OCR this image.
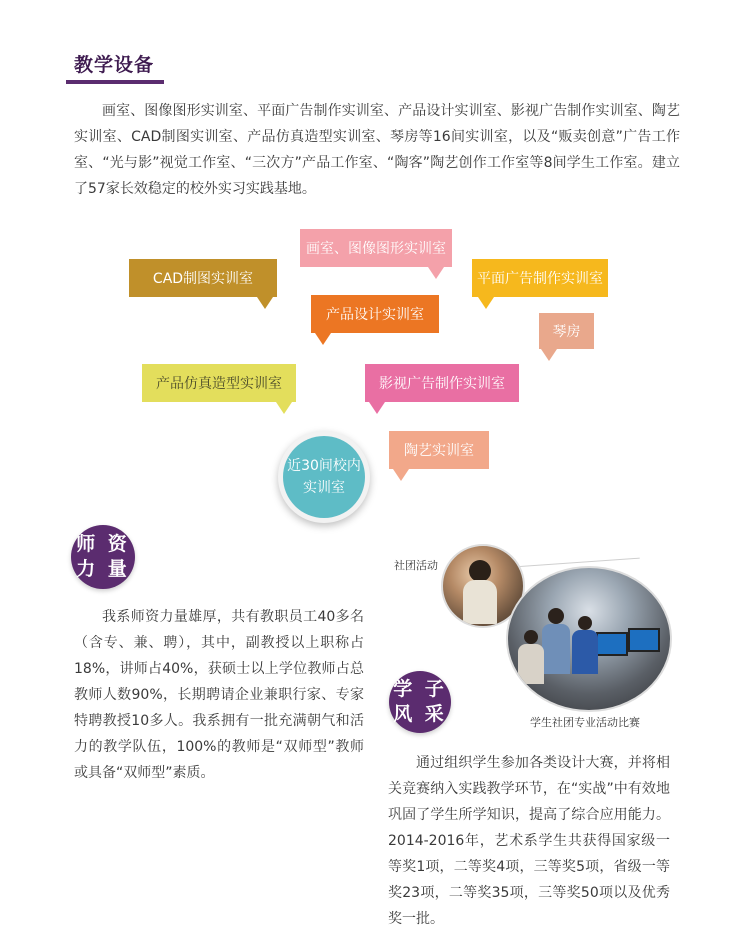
教学设备
画室、图像图形实训室、平面广告制作实训室、产品设计实训室、影视广告制作实训室、陶艺实训室、CAD制图实训室、产品仿真造型实训室、琴房等16间实训室，以及“贩卖创意”广告工作室、“光与影”视觉工作室、“三次方”产品工作室、“陶客”陶艺创作工作室等8间学生工作室。建立了57家长效稳定的校外实习实践基地。
画室、图像图形实训室
CAD制图实训室	平面广告制作实训室
产品设计实训室
琴房
产品仿真造型实训室	影视广告制作实训室
陶艺实训室
近30间校内
实训室
师 资
力 量
我系师资力量雄厚，共有教职员工40多名（含专、兼、聘），其中，副教授以上职称占18%，讲师占40%，获硕士以上学位教师占总教师人数90%，长期聘请企业兼职行家、专家特聘教授10多人。我系拥有一批充满朝气和活力的教学队伍，100%的教师是“双师型”教师或具备“双师型”素质。
社团活动
学生社团专业活动比赛
学 子
风 采
通过组织学生参加各类设计大赛，并将相关竞赛纳入实践教学环节，在“实战”中有效地巩固了学生所学知识，提高了综合应用能力。2014-2016年，艺术系学生共获得国家级一等奖1项，二等奖4项，三等奖5项，省级一等奖23项，二等奖35项，三等奖50项以及优秀奖一批。
